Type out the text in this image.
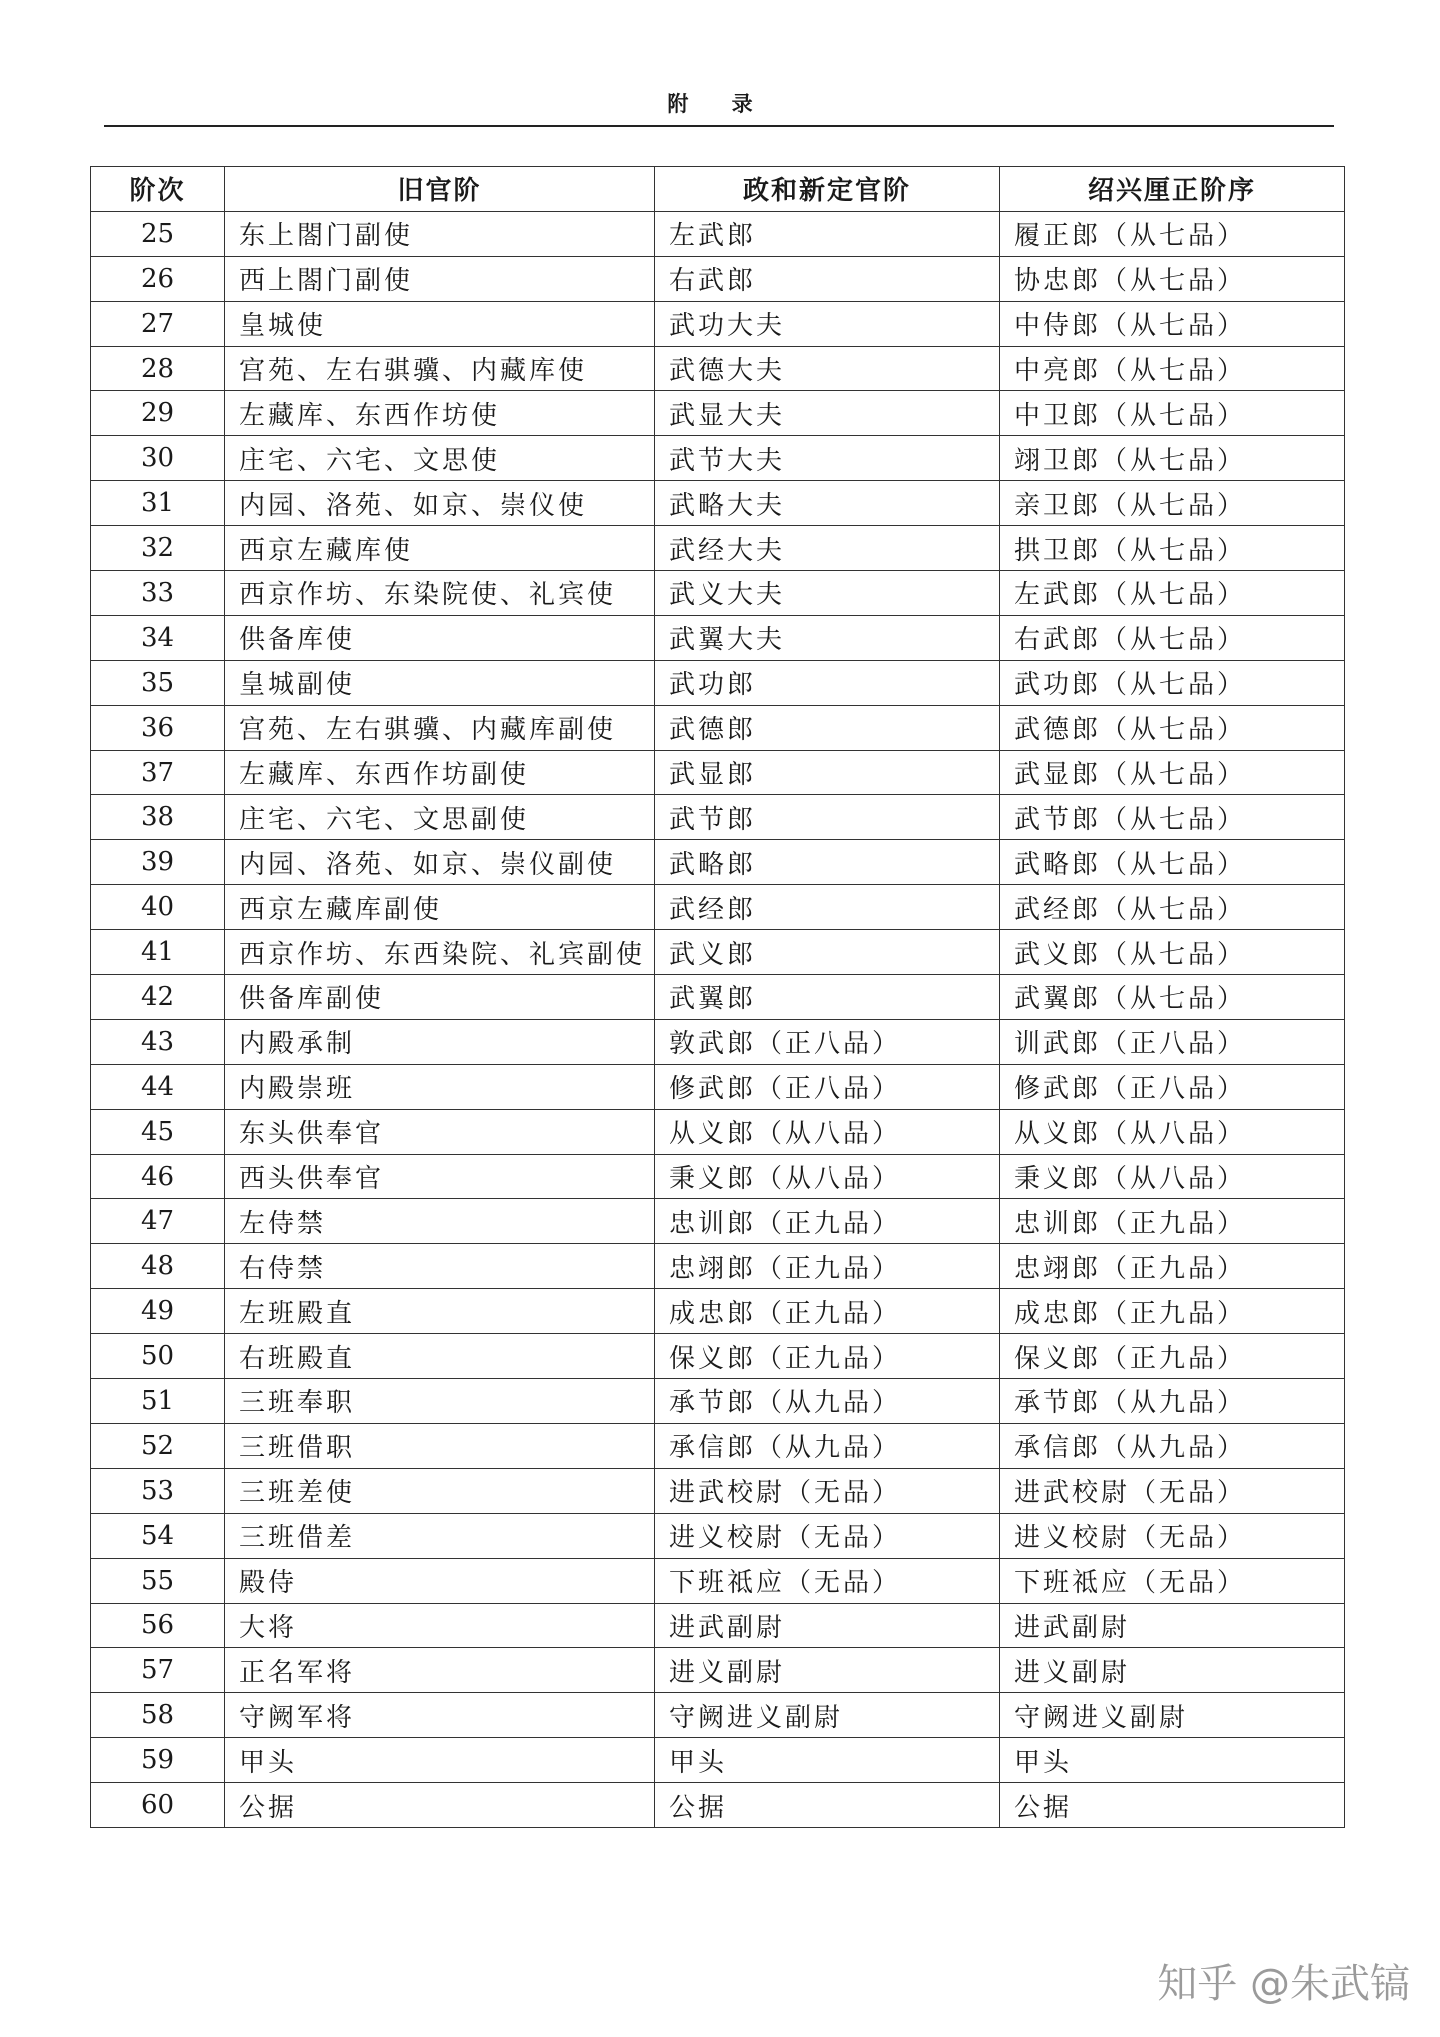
附 录
阶次	旧官阶	政和新定官阶	绍兴厘正阶序
25	东上閤门副使	左武郎	履正郎（从七品）
26	西上閤门副使	右武郎	协忠郎（从七品）
27	皇城使	武功大夫	中侍郎（从七品）
28	宫苑、左右骐骥、内藏库使	武德大夫	中亮郎（从七品）
29	左藏库、东西作坊使	武显大夫	中卫郎（从七品）
30	庄宅、六宅、文思使	武节大夫	翊卫郎（从七品）
31	内园、洛苑、如京、崇仪使	武略大夫	亲卫郎（从七品）
32	西京左藏库使	武经大夫	拱卫郎（从七品）
33	西京作坊、东染院使、礼宾使	武义大夫	左武郎（从七品）
34	供备库使	武翼大夫	右武郎（从七品）
35	皇城副使	武功郎	武功郎（从七品）
36	宫苑、左右骐骥、内藏库副使	武德郎	武德郎（从七品）
37	左藏库、东西作坊副使	武显郎	武显郎（从七品）
38	庄宅、六宅、文思副使	武节郎	武节郎（从七品）
39	内园、洛苑、如京、崇仪副使	武略郎	武略郎（从七品）
40	西京左藏库副使	武经郎	武经郎（从七品）
41	西京作坊、东西染院、礼宾副使	武义郎	武义郎（从七品）
42	供备库副使	武翼郎	武翼郎（从七品）
43	内殿承制	敦武郎（正八品）	训武郎（正八品）
44	内殿崇班	修武郎（正八品）	修武郎（正八品）
45	东头供奉官	从义郎（从八品）	从义郎（从八品）
46	西头供奉官	秉义郎（从八品）	秉义郎（从八品）
47	左侍禁	忠训郎（正九品）	忠训郎（正九品）
48	右侍禁	忠翊郎（正九品）	忠翊郎（正九品）
49	左班殿直	成忠郎（正九品）	成忠郎（正九品）
50	右班殿直	保义郎（正九品）	保义郎（正九品）
51	三班奉职	承节郎（从九品）	承节郎（从九品）
52	三班借职	承信郎（从九品）	承信郎（从九品）
53	三班差使	进武校尉（无品）	进武校尉（无品）
54	三班借差	进义校尉（无品）	进义校尉（无品）
55	殿侍	下班祗应（无品）	下班祗应（无品）
56	大将	进武副尉	进武副尉
57	正名军将	进义副尉	进义副尉
58	守阙军将	守阙进义副尉	守阙进义副尉
59	甲头	甲头	甲头
60	公据	公据	公据
知乎 @朱武镐
